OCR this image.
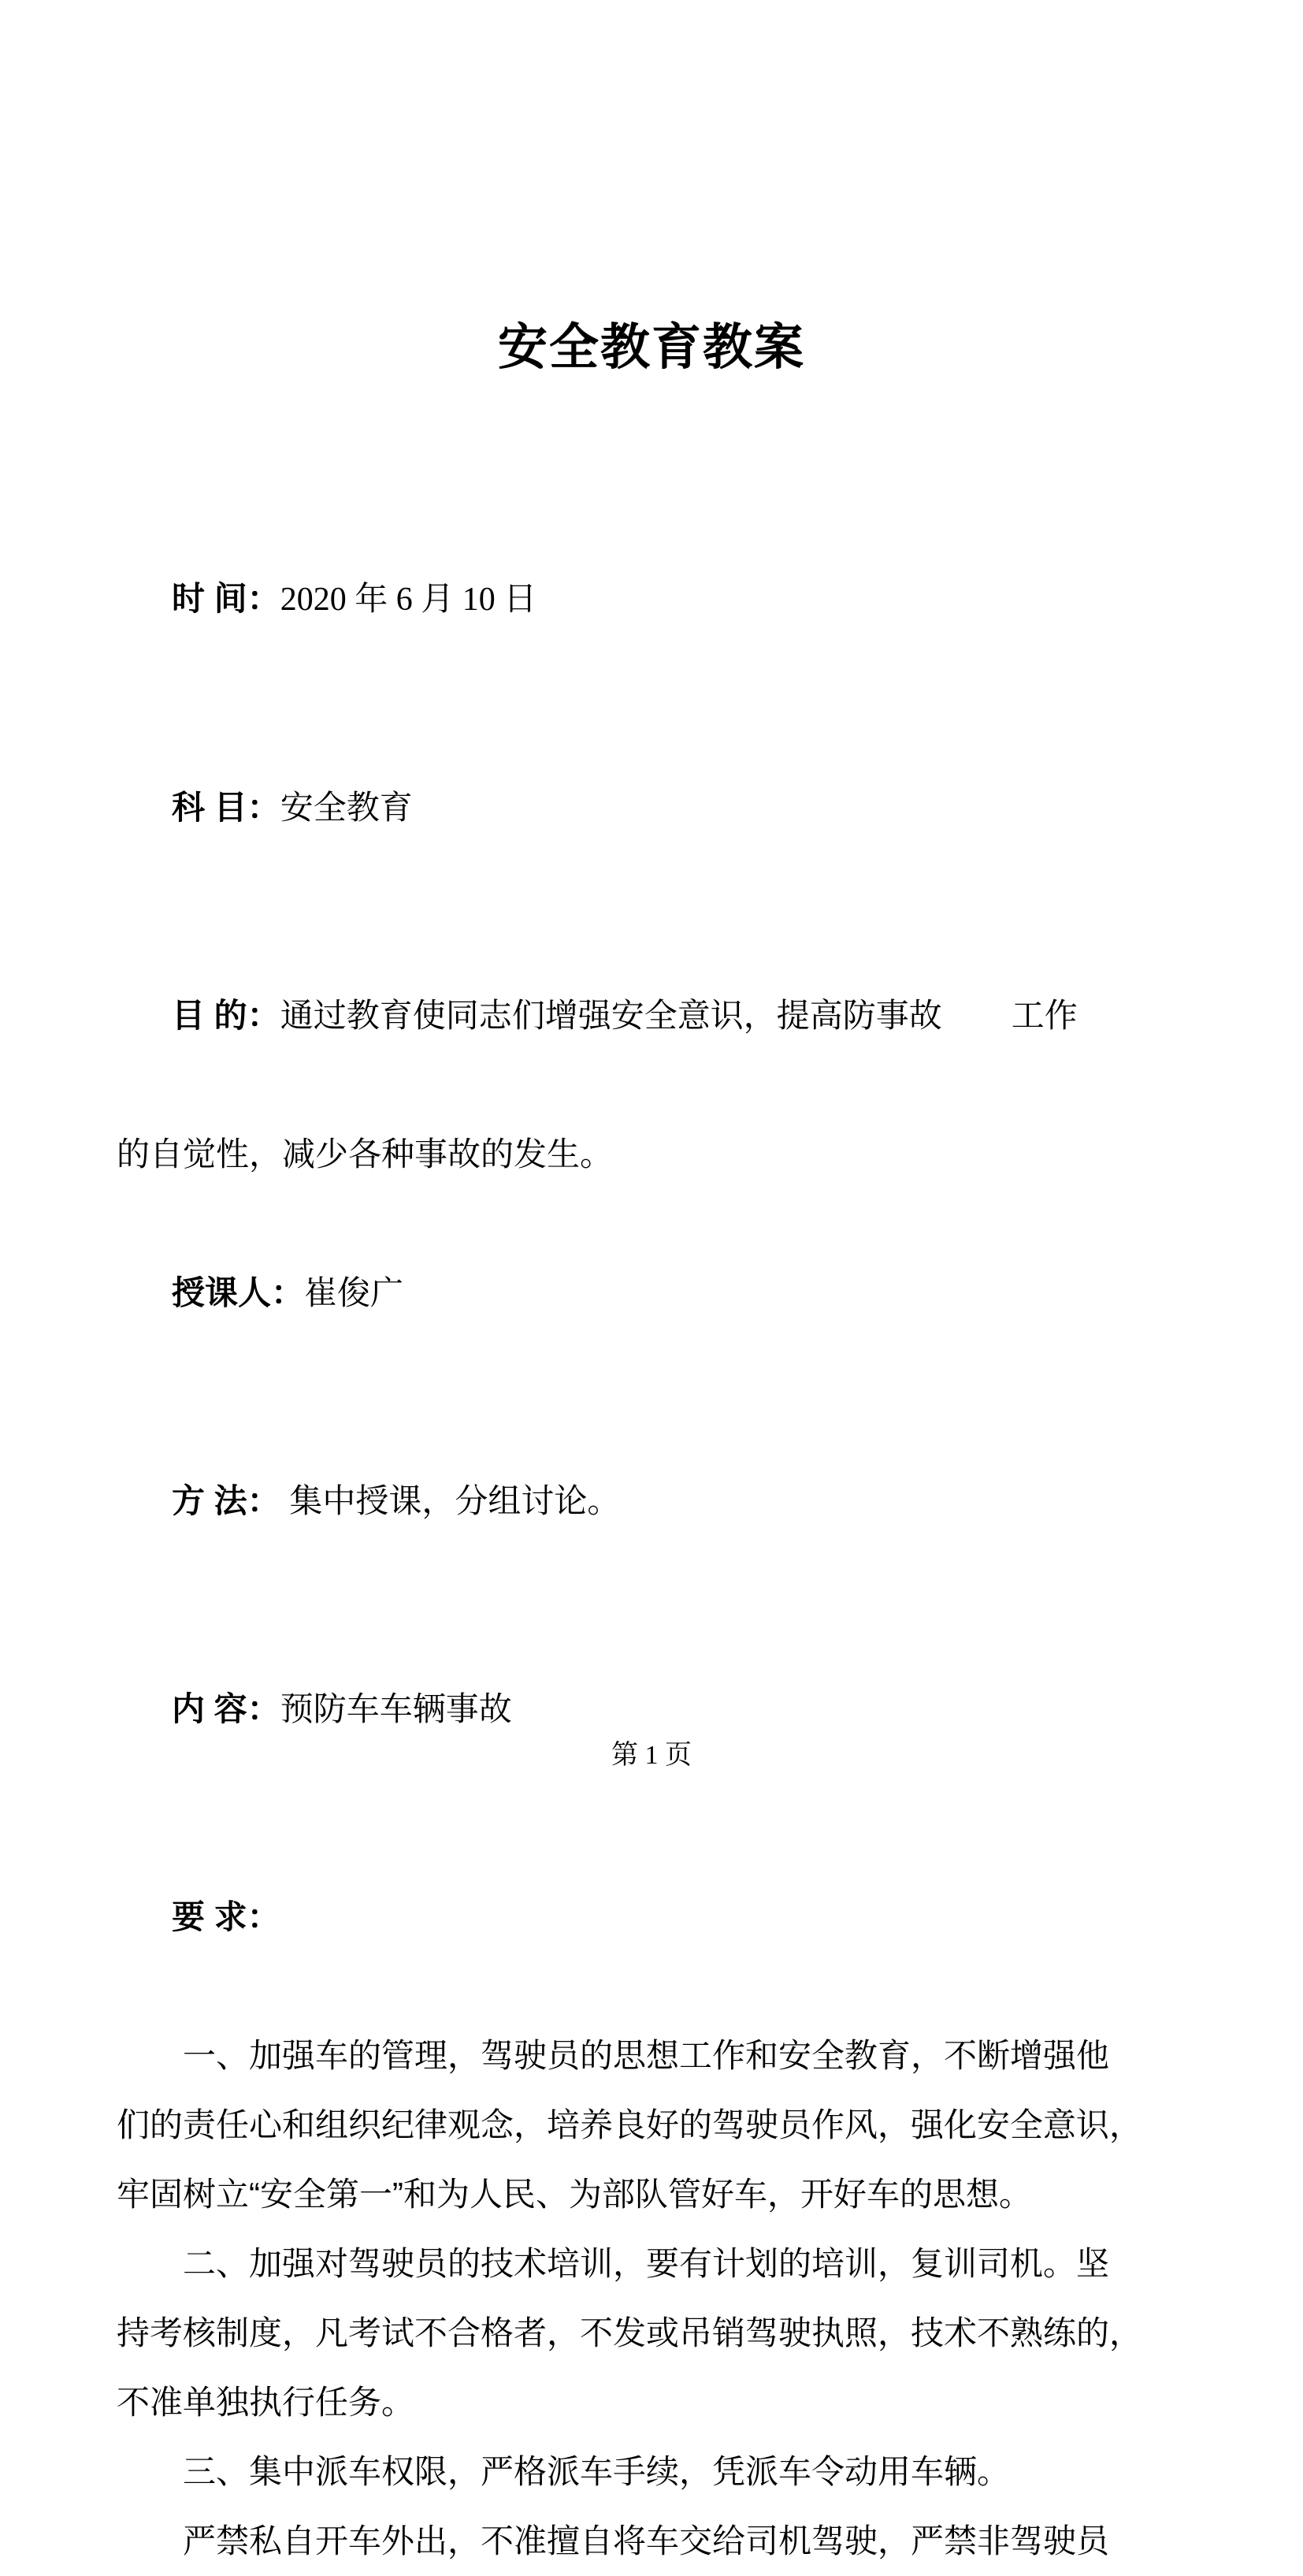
安全教育教案

时 间：2020 年 6 月 10 日

科 目：安全教育

目 的：通过教育使同志们增强安全意识，提高防事故 工作

的自觉性，减少各种事故的发生。

授课人：崔俊广

方 法： 集中授课，分组讨论。

内 容：预防车车辆事故

要 求：

一、加强车的管理，驾驶员的思想工作和安全教育，不断增强他
们的责任心和组织纪律观念，培养良好的驾驶员作风，强化安全意识，
牢固树立“安全第一”和为人民、为部队管好车，开好车的思想。
二、加强对驾驶员的技术培训，要有计划的培训，复训司机。坚
持考核制度，凡考试不合格者，不发或吊销驾驶执照，技术不熟练的，
不准单独执行任务。
三、集中派车权限，严格派车手续，凭派车令动用车辆。
严禁私自开车外出，不准擅自将车交给司机驾驶，严禁非驾驶员
第 1 页
